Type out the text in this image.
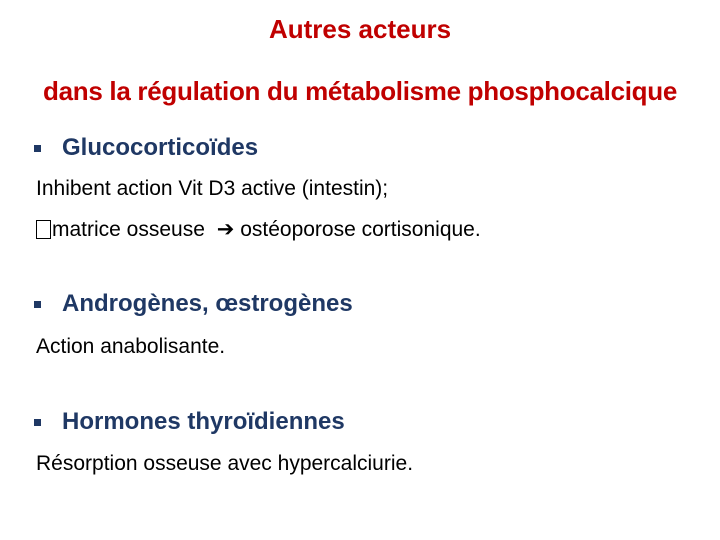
Autres acteurs
dans la régulation du métabolisme phosphocalcique
Glucocorticoïdes
Inhibent action Vit D3 active (intestin);
matrice osseuse ➔ ostéoporose cortisonique.
Androgènes, œstrogènes
Action anabolisante.
Hormones thyroïdiennes
Résorption osseuse avec hypercalciurie.
